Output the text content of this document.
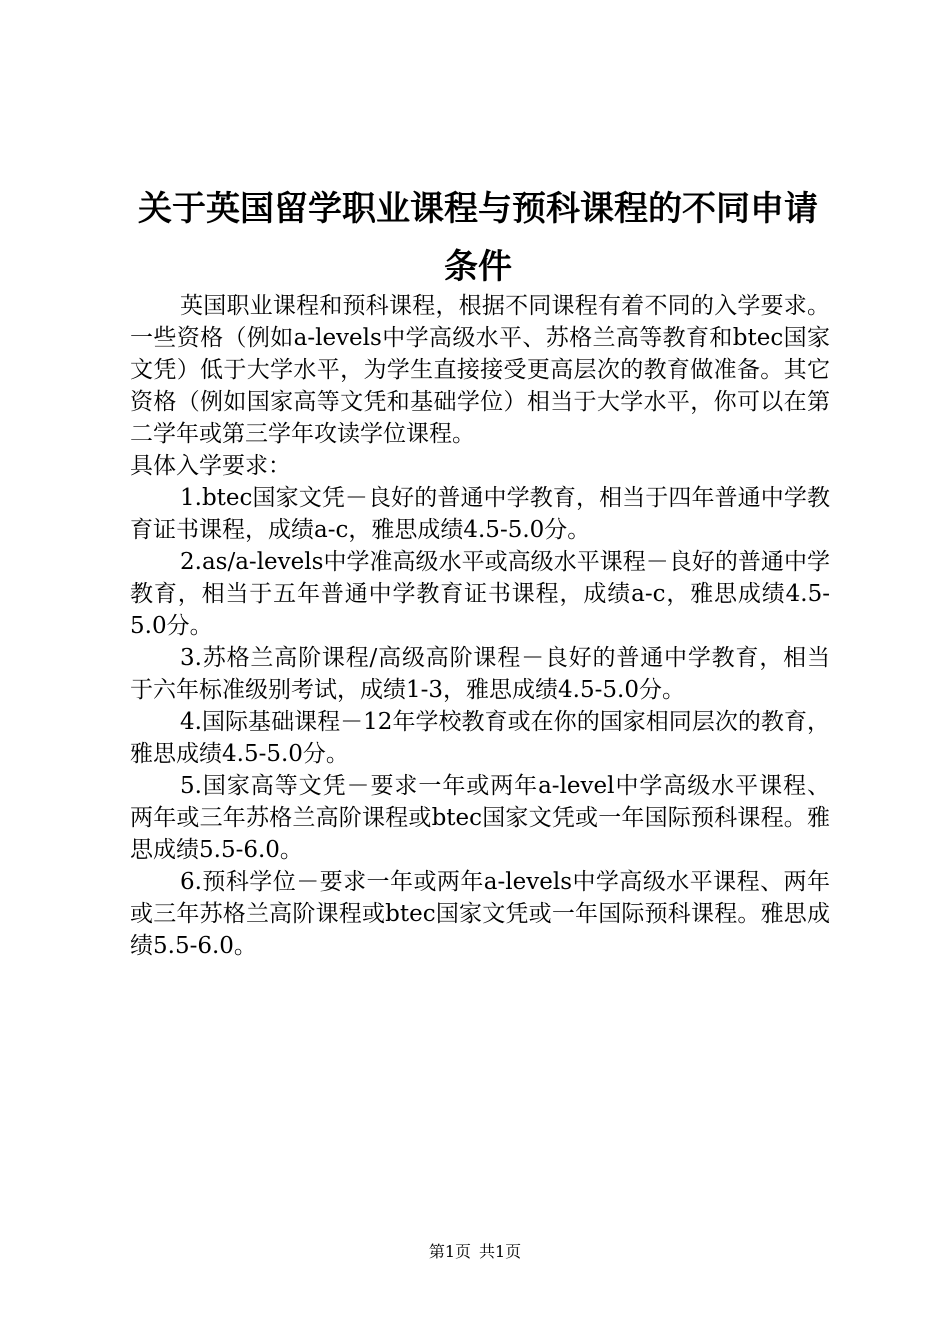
关于英国留学职业课程与预科课程的不同申请条件

英国职业课程和预科课程，根据不同课程有着不同的入学要求。一些资格（例如a-levels中学高级水平、苏格兰高等教育和btec国家文凭）低于大学水平，为学生直接接受更高层次的教育做准备。其它资格（例如国家高等文凭和基础学位）相当于大学水平，你可以在第二学年或第三学年攻读学位课程。

具体入学要求：

1.btec国家文凭－良好的普通中学教育，相当于四年普通中学教育证书课程，成绩a-c，雅思成绩4.5-5.0分。

2.as/a-levels中学准高级水平或高级水平课程－良好的普通中学教育，相当于五年普通中学教育证书课程，成绩a-c，雅思成绩4.5-5.0分。

3.苏格兰高阶课程/高级高阶课程－良好的普通中学教育，相当于六年标准级别考试，成绩1-3，雅思成绩4.5-5.0分。

4.国际基础课程－12年学校教育或在你的国家相同层次的教育，雅思成绩4.5-5.0分。

5.国家高等文凭－要求一年或两年a-level中学高级水平课程、两年或三年苏格兰高阶课程或btec国家文凭或一年国际预科课程。雅思成绩5.5-6.0。

6.预科学位－要求一年或两年a-levels中学高级水平课程、两年或三年苏格兰高阶课程或btec国家文凭或一年国际预科课程。雅思成绩5.5-6.0。

第1页 共1页
